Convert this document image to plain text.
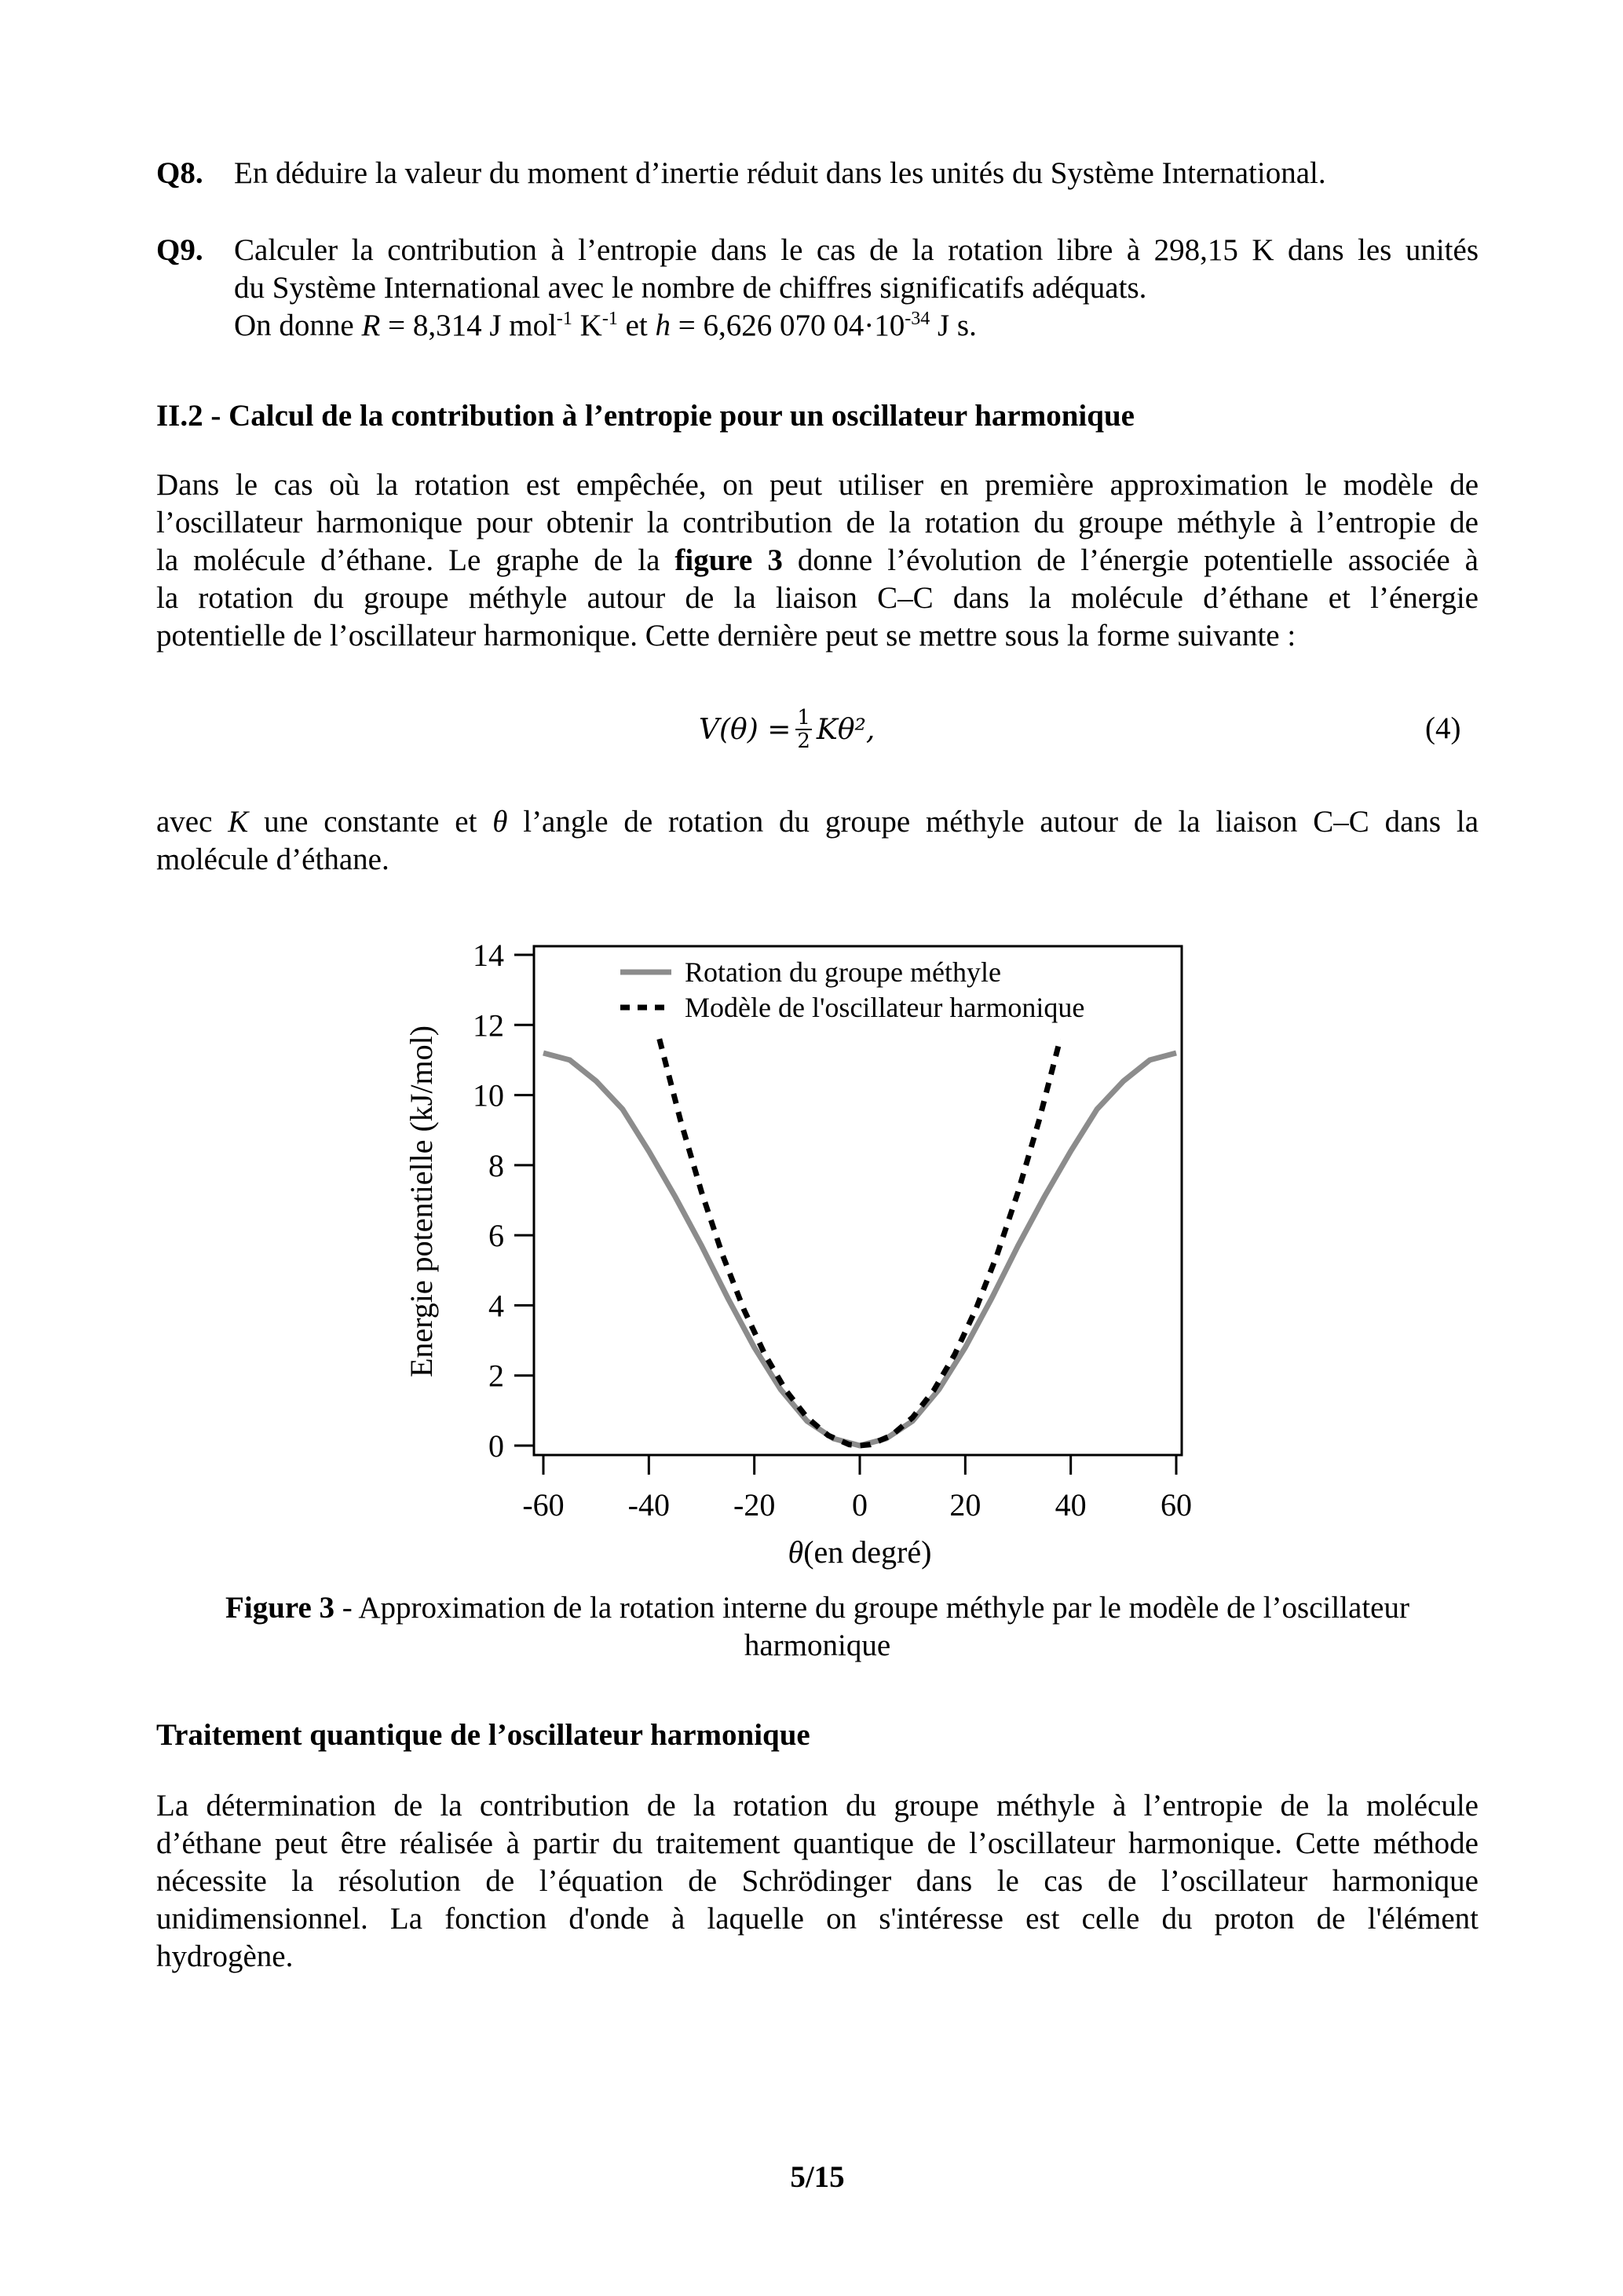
Q8.	En déduire la valeur du moment d’inertie réduit dans les unités du Système International.
Q9.	Calculer la contribution à l’entropie dans le cas de la rotation libre à 298,15 K dans les unités
du Système International avec le nombre de chiffres significatifs adéquats.
On donne R = 8,314 J mol$^{-1}$ $K^{-1}$ et h = 6,626 070 $04\cdot 10^{-34}$ J s.
II.2 - Calcul de la contribution à l’entropie pour un oscillateur harmonique
Dans le cas où la rotation est empêchée, on peut utiliser en première approximation le modèle de
l’oscillateur harmonique pour obtenir la contribution de la rotation du groupe méthyle à l’entropie de
la molécule d’éthane. Le graphe de la figure 3 donne l’évolution de l’énergie potentielle associée à
la rotation du groupe méthyle autour de la liaison C–C dans la molécule d’éthane et l’énergie
potentielle de l’oscillateur harmonique. Cette dernière peut se mettre sous la forme suivante :
$V(\theta) = \frac{1}{2} K\theta^2$,	(4)
avec K une constante et θ l’angle de rotation du groupe méthyle autour de la liaison C–C dans la
molécule d’éthane.
0
2
4
6
8
10
12
14
-60 -40 -20 0	20 40 60
θ(en degré)
Energie potentielle (kJ/mol)
Rotation du groupe méthyle
Modèle de l'oscillateur harmonique
Figure 3 - Approximation de la rotation interne du groupe méthyle par le modèle de l’oscillateur
harmonique
Traitement quantique de l’oscillateur harmonique
La détermination de la contribution de la rotation du groupe méthyle à l’entropie de la molécule
d’éthane peut être réalisée à partir du traitement quantique de l’oscillateur harmonique. Cette méthode
nécessite la résolution de l’équation de Schrödinger dans le cas de l’oscillateur harmonique
unidimensionnel. La fonction d'onde à laquelle on s'intéresse est celle du proton de l'élément
hydrogène.
5/15
